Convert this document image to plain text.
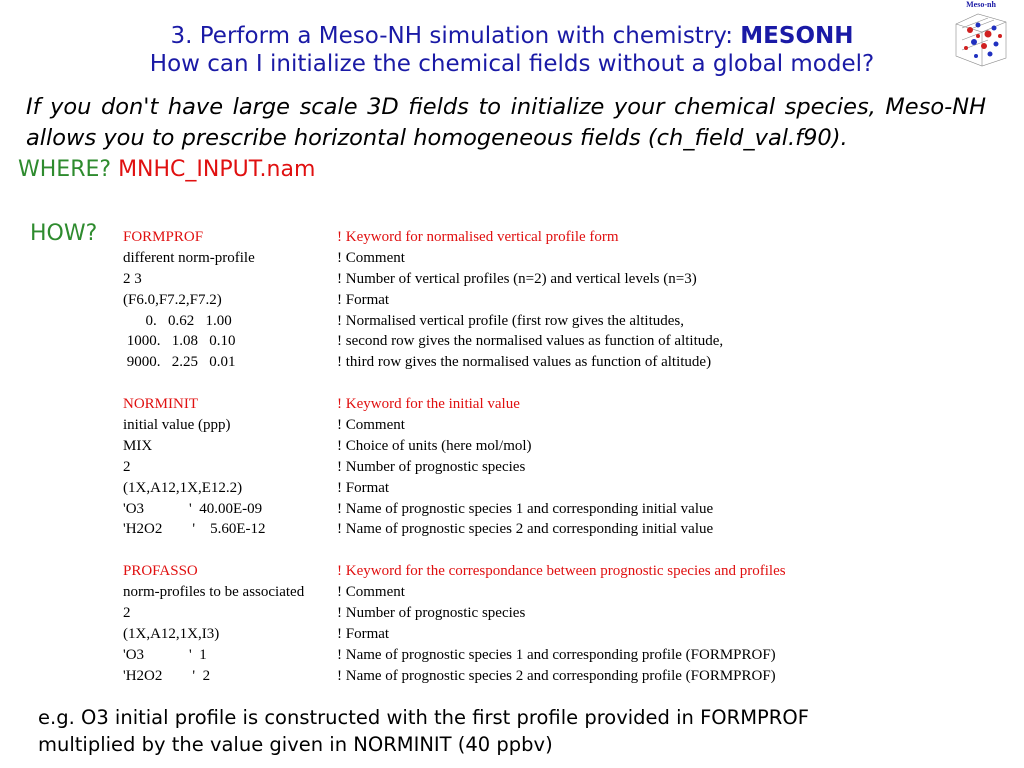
3. Perform a Meso-NH simulation with chemistry: MESONH
How can I initialize the chemical fields without a global model?
Meso-nh
If you don't have large scale 3D fields to initialize your chemical species, Meso-NH allows you to prescribe horizontal homogeneous fields (ch_field_val.f90).
WHERE? MNHC_INPUT.nam
HOW? FORMPROF	! Keyword for normalised vertical profile form
different norm-profile	! Comment
2 3	! Number of vertical profiles (n=2) and vertical levels (n=3)
(F6.0,F7.2,F7.2)	! Format
0.   0.62   1.00	! Normalised vertical profile (first row gives the altitudes,
1000.   1.08   0.10	! second row gives the normalised values as function of altitude,
9000.   2.25   0.01	! third row gives the normalised values as function of altitude)
NORMINIT	! Keyword for the initial value
initial value (ppp)	! Comment
MIX	! Choice of units (here mol/mol)
2	! Number of prognostic species
(1X,A12,1X,E12.2)	! Format
'O3            '  40.00E-09	! Name of prognostic species 1 and corresponding initial value
'H2O2        '    5.60E-12	! Name of prognostic species 2 and corresponding initial value
PROFASSO	! Keyword for the correspondance between prognostic species and profiles
norm-profiles to be associated ! Comment
2	! Number of prognostic species
(1X,A12,1X,I3)	! Format
'O3            '  1	! Name of prognostic species 1 and corresponding profile (FORMPROF)
'H2O2        '  2	! Name of prognostic species 2 and corresponding profile (FORMPROF)
e.g. O3 initial profile is constructed with the first profile provided in FORMPROF
multiplied by the value given in NORMINIT (40 ppbv)
